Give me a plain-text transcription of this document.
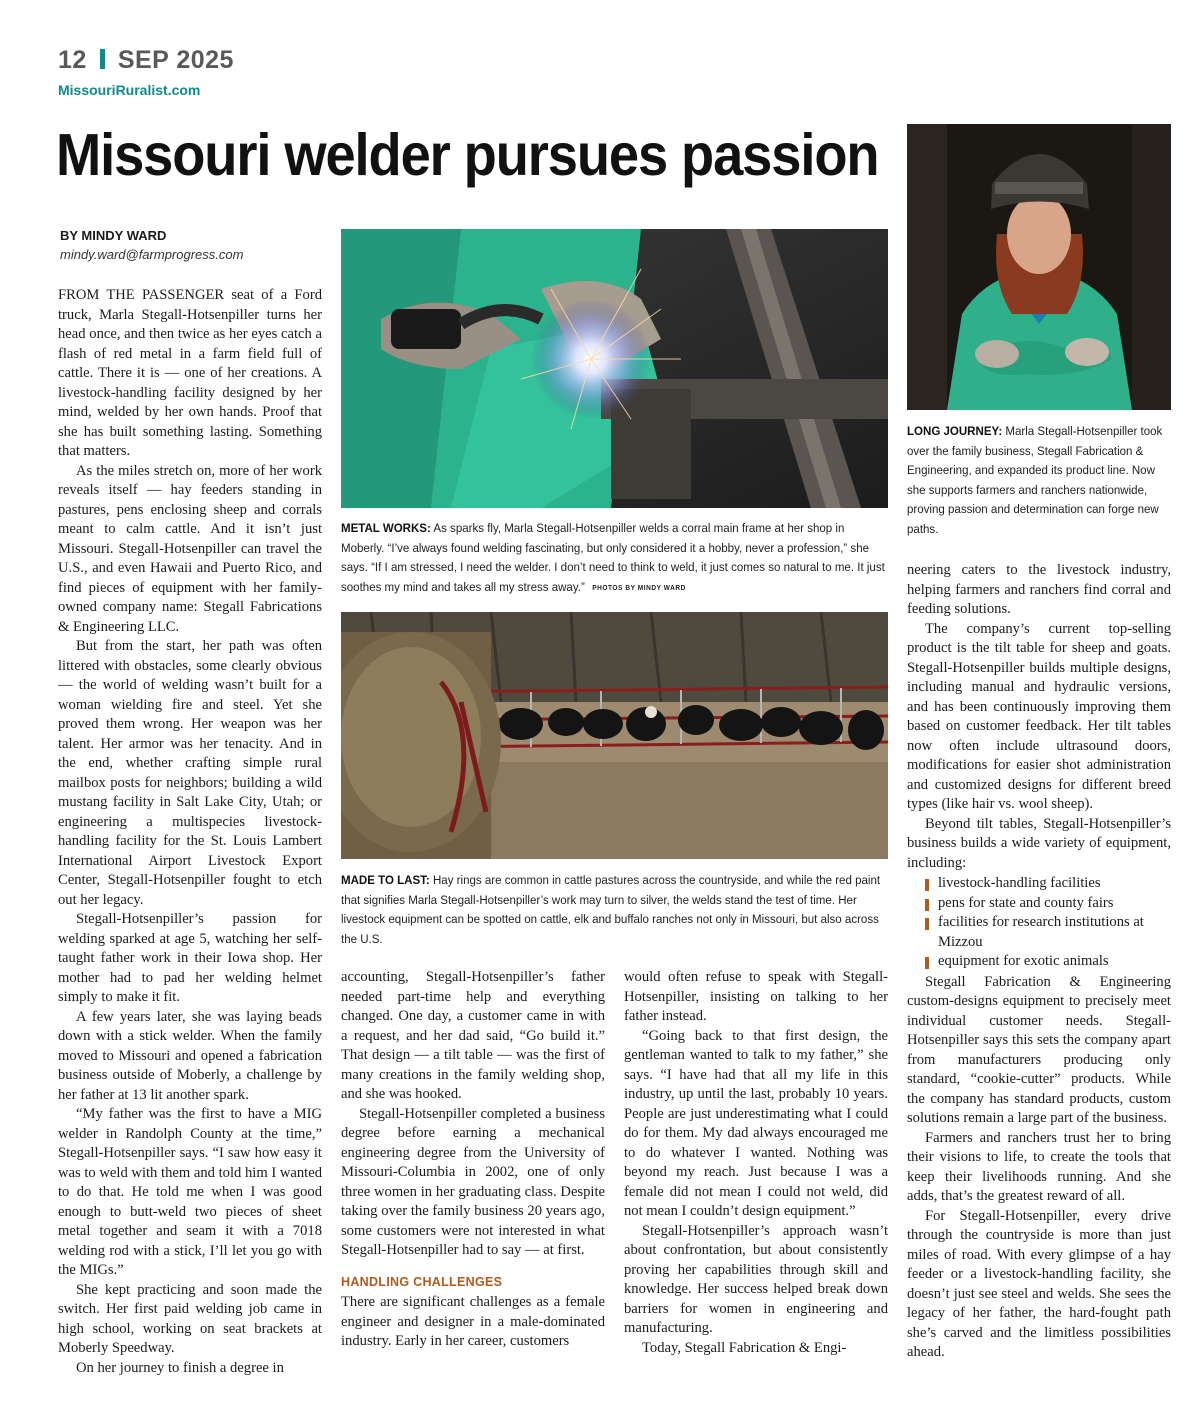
12 SEP 2025
MissouriRuralist.com
Missouri welder pursues passion
BY MINDY WARD
mindy.ward@farmprogress.com

FROM THE PASSENGER seat of a Ford truck, Marla Stegall-Hotsenpiller turns her head once, and then twice as her eyes catch a flash of red metal in a farm field full of cattle. There it is — one of her creations. A livestock-handling facility designed by her mind, welded by her own hands. Proof that she has built something lasting. Something that matters.

As the miles stretch on, more of her work reveals itself — hay feeders standing in pastures, pens enclosing sheep and corrals meant to calm cattle. And it isn’t just Missouri. Stegall-Hotsenpiller can travel the U.S., and even Hawaii and Puerto Rico, and find pieces of equipment with her family-owned company name: Stegall Fabrications & Engineering LLC.

But from the start, her path was often littered with obstacles, some clearly obvious — the world of welding wasn’t built for a woman wielding fire and steel. Yet she proved them wrong. Her weapon was her talent. Her armor was her tenacity. And in the end, whether crafting simple rural mailbox posts for neighbors; building a wild mustang facility in Salt Lake City, Utah; or engineering a multispecies livestock-handling facility for the St. Louis Lambert International Airport Livestock Export Center, Stegall-Hotsenpiller fought to etch out her legacy.

Stegall-Hotsenpiller’s passion for welding sparked at age 5, watching her self-taught father work in their Iowa shop. Her mother had to pad her welding helmet simply to make it fit.

A few years later, she was laying beads down with a stick welder. When the family moved to Missouri and opened a fabrication business outside of Moberly, a challenge by her father at 13 lit another spark.

“My father was the first to have a MIG welder in Randolph County at the time,” Stegall-Hotsenpiller says. “I saw how easy it was to weld with them and told him I wanted to do that. He told me when I was good enough to butt-weld two pieces of sheet metal together and seam it with a 7018 welding rod with a stick, I’ll let you go with the MIGs.”

She kept practicing and soon made the switch. Her first paid welding job came in high school, working on seat brackets at Moberly Speedway.

On her journey to finish a degree in

METAL WORKS: As sparks fly, Marla Stegall-Hotsenpiller welds a corral main frame at her shop in Moberly. “I’ve always found welding fascinating, but only considered it a hobby, never a profession,” she says. “If I am stressed, I need the welder. I don’t need to think to weld, it just comes so natural to me. It just soothes my mind and takes all my stress away.” PHOTOS BY MINDY WARD
MADE TO LAST: Hay rings are common in cattle pastures across the countryside, and while the red paint that signifies Marla Stegall-Hotsenpiller’s work may turn to silver, the welds stand the test of time. Her livestock equipment can be spotted on cattle, elk and buffalo ranches not only in Missouri, but also across the U.S.

accounting, Stegall-Hotsenpiller’s father needed part-time help and everything changed. One day, a customer came in with a request, and her dad said, “Go build it.” That design — a tilt table — was the first of many creations in the family welding shop, and she was hooked.

Stegall-Hotsenpiller completed a business degree before earning a mechanical engineering degree from the University of Missouri-Columbia in 2002, one of only three women in her graduating class. Despite taking over the family business 20 years ago, some customers were not interested in what Stegall-Hotsenpiller had to say — at first.

HANDLING CHALLENGES

There are significant challenges as a female engineer and designer in a male-dominated industry. Early in her career, customers

would often refuse to speak with Stegall-Hotsenpiller, insisting on talking to her father instead.

“Going back to that first design, the gentleman wanted to talk to my father,” she says. “I have had that all my life in this industry, up until the last, probably 10 years. People are just underestimating what I could do for them. My dad always encouraged me to do whatever I wanted. Nothing was beyond my reach. Just because I was a female did not mean I could not weld, did not mean I couldn’t design equipment.”

Stegall-Hotsenpiller’s approach wasn’t about confrontation, but about consistently proving her capabilities through skill and knowledge. Her success helped break down barriers for women in engineering and manufacturing.

Today, Stegall Fabrication & Engi-

LONG JOURNEY: Marla Stegall-Hotsenpiller took over the family business, Stegall Fabrication & Engineering, and expanded its product line. Now she supports farmers and ranchers nationwide, proving passion and determination can forge new paths.

neering caters to the livestock industry, helping farmers and ranchers find corral and feeding solutions.

The company’s current top-selling product is the tilt table for sheep and goats. Stegall-Hotsenpiller builds multiple designs, including manual and hydraulic versions, and has been continuously improving them based on customer feedback. Her tilt tables now often include ultrasound doors, modifications for easier shot administration and customized designs for different breed types (like hair vs. wool sheep).

Beyond tilt tables, Stegall-Hotsenpiller’s business builds a wide variety of equipment, including:

livestock-handling facilities
pens for state and county fairs
facilities for research institutions at Mizzou
equipment for exotic animals

Stegall Fabrication & Engineering custom-designs equipment to precisely meet individual customer needs. Stegall-Hotsenpiller says this sets the company apart from manufacturers producing only standard, “cookie-cutter” products. While the company has standard products, custom solutions remain a large part of the business.

Farmers and ranchers trust her to bring their visions to life, to create the tools that keep their livelihoods running. And she adds, that’s the greatest reward of all.

For Stegall-Hotsenpiller, every drive through the countryside is more than just miles of road. With every glimpse of a hay feeder or a livestock-handling facility, she doesn’t just see steel and welds. She sees the legacy of her father, the hard-fought path she’s carved and the limitless possibilities ahead.
